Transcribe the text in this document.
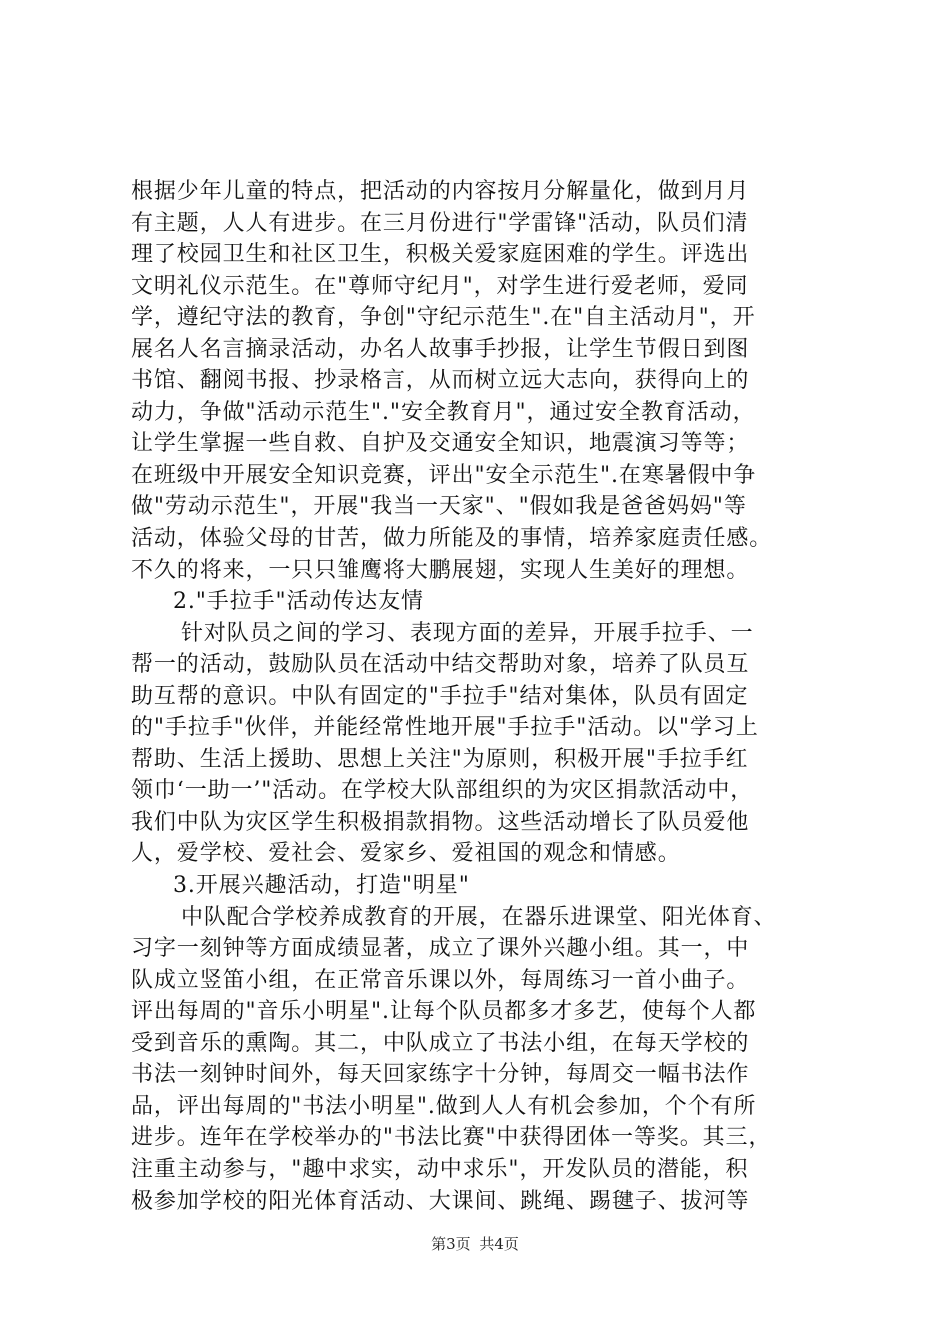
根据少年儿童的特点，把活动的内容按月分解量化，做到月月
有主题，人人有进步。在三月份进行"学雷锋"活动，队员们清
理了校园卫生和社区卫生，积极关爱家庭困难的学生。评选出
文明礼仪示范生。在"尊师守纪月"，对学生进行爱老师，爱同
学，遵纪守法的教育，争创"守纪示范生".在"自主活动月"，开
展名人名言摘录活动，办名人故事手抄报，让学生节假日到图
书馆、翻阅书报、抄录格言，从而树立远大志向，获得向上的
动力，争做"活动示范生"."安全教育月"，通过安全教育活动，
让学生掌握一些自救、自护及交通安全知识，地震演习等等；
在班级中开展安全知识竞赛，评出"安全示范生".在寒暑假中争
做"劳动示范生"，开展"我当一天家"、"假如我是爸爸妈妈"等
活动，体验父母的甘苦，做力所能及的事情，培养家庭责任感。
不久的将来，一只只雏鹰将大鹏展翅，实现人生美好的理想。
2."手拉手"活动传达友情
针对队员之间的学习、表现方面的差异，开展手拉手、一
帮一的活动，鼓励队员在活动中结交帮助对象，培养了队员互
助互帮的意识。中队有固定的"手拉手"结对集体，队员有固定
的"手拉手"伙伴，并能经常性地开展"手拉手"活动。以"学习上
帮助、生活上援助、思想上关注"为原则，积极开展"手拉手红
领巾‘一助一’"活动。在学校大队部组织的为灾区捐款活动中，
我们中队为灾区学生积极捐款捐物。这些活动增长了队员爱他
人，爱学校、爱社会、爱家乡、爱祖国的观念和情感。
3.开展兴趣活动，打造"明星"
中队配合学校养成教育的开展，在器乐进课堂、阳光体育、
习字一刻钟等方面成绩显著，成立了课外兴趣小组。其一，中
队成立竖笛小组，在正常音乐课以外，每周练习一首小曲子。
评出每周的"音乐小明星".让每个队员都多才多艺，使每个人都
受到音乐的熏陶。其二，中队成立了书法小组，在每天学校的
书法一刻钟时间外，每天回家练字十分钟，每周交一幅书法作
品，评出每周的"书法小明星".做到人人有机会参加，个个有所
进步。连年在学校举办的"书法比赛"中获得团体一等奖。其三，
注重主动参与，"趣中求实，动中求乐"，开发队员的潜能，积
极参加学校的阳光体育活动、大课间、跳绳、踢毽子、拔河等
第3页 共4页
